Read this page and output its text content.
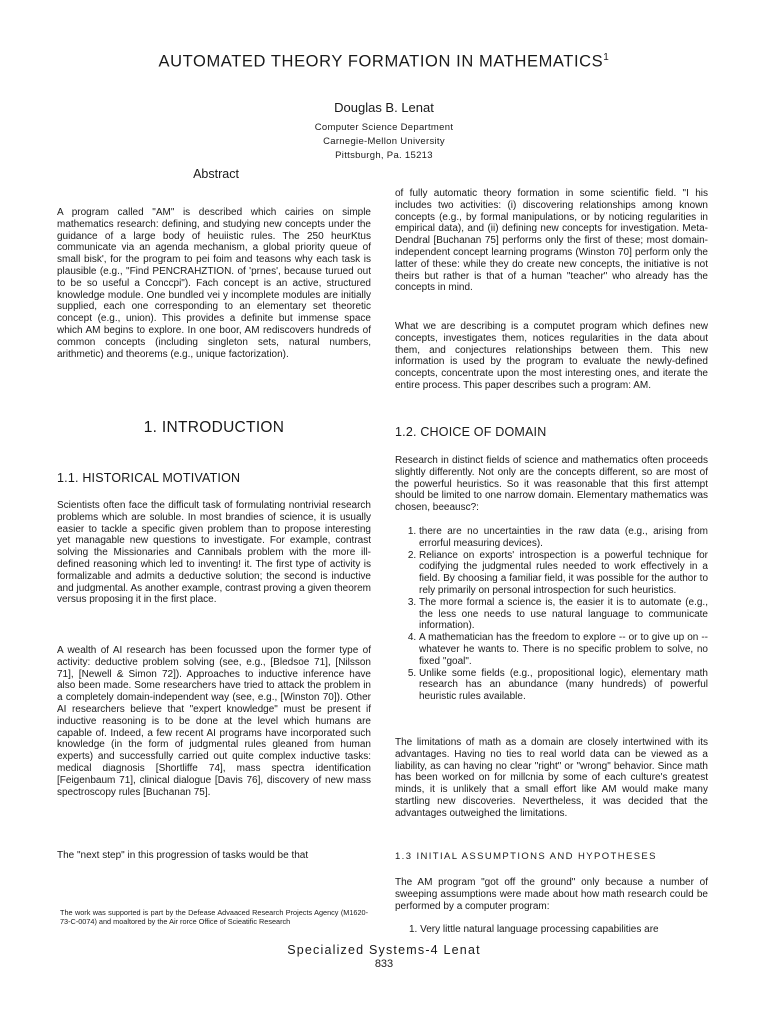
AUTOMATED THEORY FORMATION IN MATHEMATICS$^1$
Douglas B. Lenat
Computer Science Department
Carnegie-Mellon University
Pittsburgh, Pa. 15213
Abstract

A program called "AM" is described which cairies on simple mathematics research: defining, and studying new concepts under the guidance of a large body of heuiistic rules. The 250 heurKtus communicate via an agenda mechanism, a global priority queue of small bisk', for the program to pei foim and teasons why each task is plausible (e.g., "Find PENCRAHZTION. of 'prnes', because turued out to be so useful a Conccpi"). Fach concept is an active, structured knowledge module. One bundled vei y incomplete modules are initially supplied, each one corresponding to an elementary set theoretic concept (e.g., union). This provides a definite but immense space which AM begins to explore. In one boor, AM rediscovers hundreds of common concepts (including singleton sets, natural numbers, arithmetic) and theorems (e.g., unique factorization).

1. INTRODUCTION
1.1. HISTORICAL MOTIVATION

Scientists often face the difficult task of formulating nontrivial research problems which are soluble. In most brandies of science, it is usually easier to tackle a specific given problem than to propose interesting yet managable new questions to investigate. For example, contrast solving the Missionaries and Cannibals problem with the more ill-defined reasoning which led to inventing! it. The first type of activity is formalizable and admits a deductive solution; the second is inductive and judgmental. As another example, contrast proving a given theorem versus proposing it in the first place.

A wealth of AI research has been focussed upon the former type of activity: deductive problem solving (see, e.g., [Bledsoe 71], [Nilsson 71], [Newell & Simon 72]). Approaches to inductive inference have also been made. Some researchers have tried to attack the problem in a completely domain-independent way (see, e.g., [Winston 70]). Other AI researchers believe that "expert knowledge" must be present if inductive reasoning is to be done at the level which humans are capable of. Indeed, a few recent AI programs have incorporated such knowledge (in the form of judgmental rules gleaned from human experts) and successfully carried out quite complex inductive tasks: medical diagnosis [Shortliffe 74], mass spectra identification [Feigenbaum 71], clinical dialogue [Davis 76], discovery of new mass spectroscopy rules [Buchanan 75].

The "next step" in this progression of tasks would be that

The work was supported is part by the Defease Advaaced Research Projects Agency (M1620-73-C-0074) and moaltored by the Air rorce Office of Scieatific Research

of fully automatic theory formation in some scientific field. "I his includes two activities: (i) discovering relationships among known concepts (e.g., by formal manipulations, or by noticing regularities in empirical data), and (ii) defining new concepts for investigation. Meta-Dendral [Buchanan 75] performs only the first of these; most domain-independent concept learning programs (Winston 70] perform only the latter of these: while they do create new concepts, the initiative is not theirs but rather is that of a human "teacher" who already has the concepts in mind.

What we are describing is a computet program which defines new concepts, investigates them, notices regularities in the data about them, and conjectures relationships between them. This new information is used by the program to evaluate the newly-defined concepts, concentrate upon the most interesting ones, and iterate the entire process. This paper describes such a program: AM.

1.2. CHOICE OF DOMAIN

Research in distinct fields of science and mathematics often proceeds slightly differently. Not only are the concepts different, so are most of the powerful heuristics. So it was reasonable that this first attempt should be limited to one narrow domain. Elementary mathematics was chosen, beeausc?:

1. there are no uncertainties in the raw data (e.g., arising from errorful measuring devices).
2. Reliance on exports' introspection is a powerful technique for codifying the judgmental rules needed to work effectively in a field. By choosing a familiar field, it was possible for the author to rely primarily on personal introspection for such heuristics.
3. The more formal a science is, the easier it is to automate (e.g., the less one needs to use natural language to communicate information).
4. A mathematician has the freedom to explore -- or to give up on -- whatever he wants to. There is no specific problem to solve, no fixed "goal".
5. Unlike some fields (e.g., propositional logic), elementary math research has an abundance (many hundreds) of powerful heuristic rules available.

The limitations of math as a domain are closely intertwined with its advantages. Having no ties to real world data can be viewed as a liability, as can having no clear "right" or "wrong" behavior. Since math has been worked on for millcnia by some of each culture's greatest minds, it is unlikely that a small effort like AM would make many startling new discoveries. Nevertheless, it was decided that the advantages outweighed the limitations.

1.3 INITIAL ASSUMPTIONS AND HYPOTHESES

The AM program "got off the ground" only because a number of sweeping assumptions were made about how math research could be performed by a computer program:

1. Very little natural language processing capabilities are
Specialized Systems-4 Lenat
833
